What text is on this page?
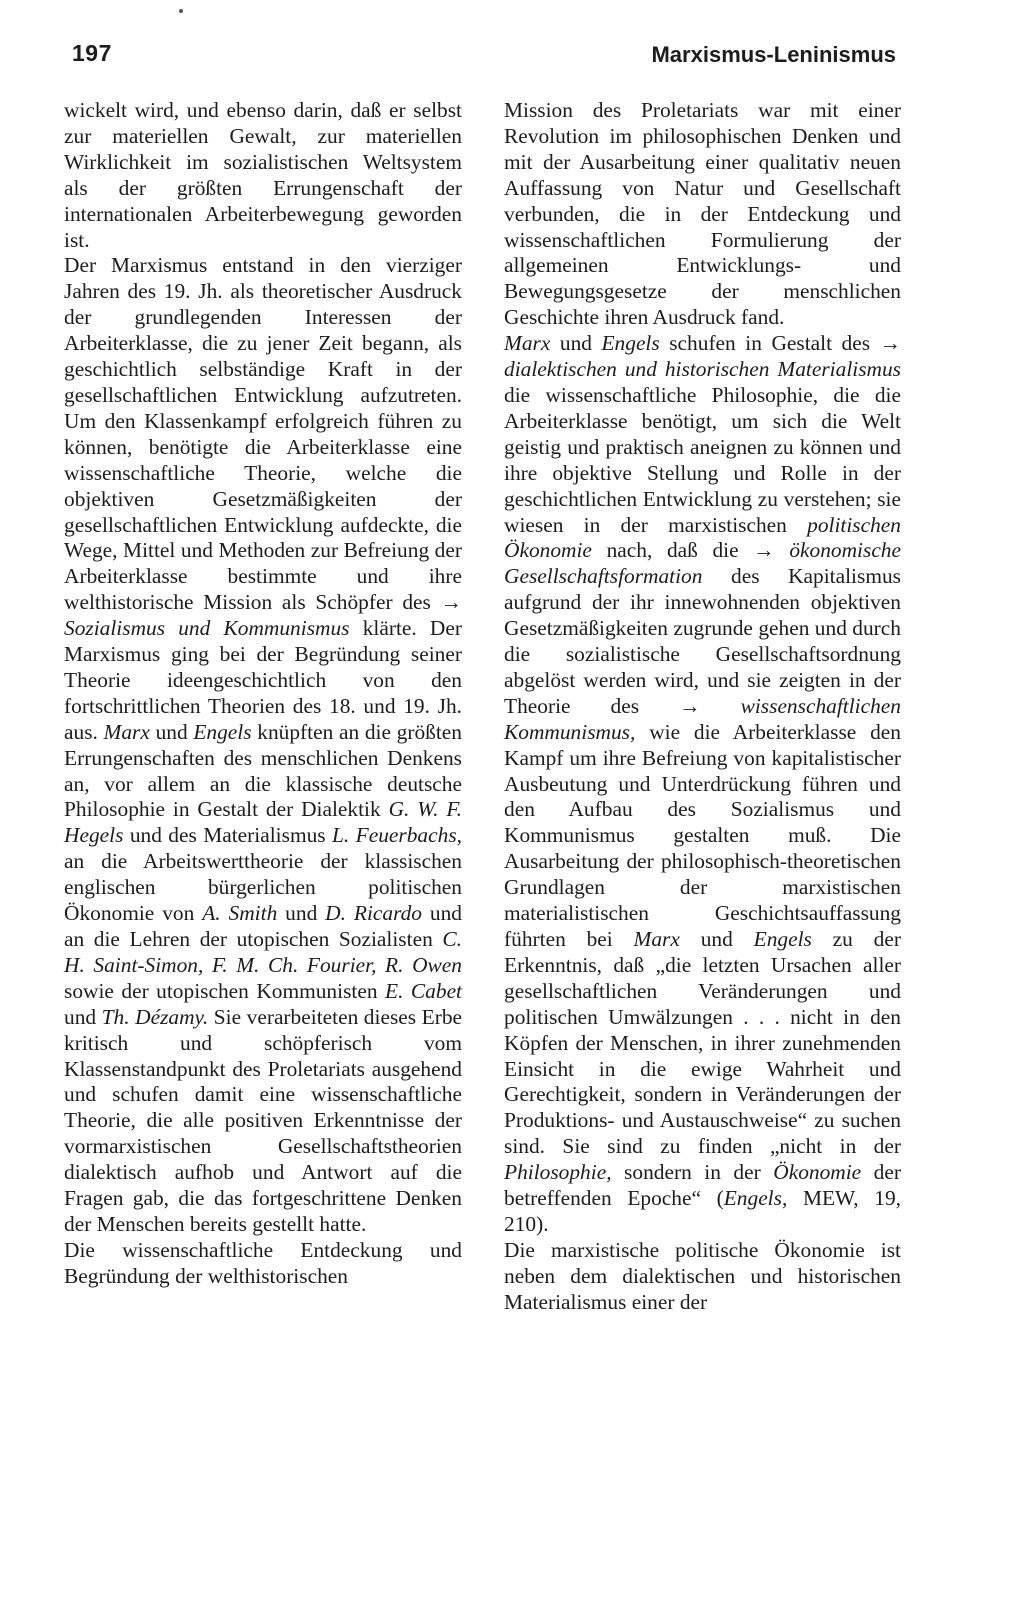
197	Marxismus-Leninismus

wickelt wird, und ebenso darin, daß er selbst zur materiellen Gewalt, zur materiellen Wirklichkeit im sozialistischen Weltsystem als der größten Errungenschaft der internationalen Arbeiterbewegung geworden ist.

Der Marxismus entstand in den vierziger Jahren des 19. Jh. als theoretischer Ausdruck der grundlegenden Interessen der Arbeiterklasse, die zu jener Zeit begann, als geschichtlich selbständige Kraft in der gesellschaftlichen Entwicklung aufzutreten. Um den Klassenkampf erfolgreich führen zu können, benötigte die Arbeiterklasse eine wissenschaftliche Theorie, welche die objektiven Gesetzmäßigkeiten der gesellschaftlichen Entwicklung aufdeckte, die Wege, Mittel und Methoden zur Befreiung der Arbeiterklasse bestimmte und ihre welthistorische Mission als Schöpfer des → Sozialismus und Kommunismus klärte. Der Marxismus ging bei der Begründung seiner Theorie ideengeschichtlich von den fortschrittlichen Theorien des 18. und 19. Jh. aus. Marx und Engels knüpften an die größten Errungenschaften des menschlichen Denkens an, vor allem an die klassische deutsche Philosophie in Gestalt der Dialektik G. W. F. Hegels und des Materialismus L. Feuerbachs, an die Arbeitswerttheorie der klassischen englischen bürgerlichen politischen Ökonomie von A. Smith und D. Ricardo und an die Lehren der utopischen Sozialisten C. H. Saint-Simon, F. M. Ch. Fourier, R. Owen sowie der utopischen Kommunisten E. Cabet und Th. Dézamy. Sie verarbeiteten dieses Erbe kritisch und schöpferisch vom Klassenstandpunkt des Proletariats ausgehend und schufen damit eine wissenschaftliche Theorie, die alle positiven Erkenntnisse der vormarxistischen Gesellschaftstheorien dialektisch aufhob und Antwort auf die Fragen gab, die das fortgeschrittene Denken der Menschen bereits gestellt hatte.

Die wissenschaftliche Entdeckung und Begründung der welthistorischen

Mission des Proletariats war mit einer Revolution im philosophischen Denken und mit der Ausarbeitung einer qualitativ neuen Auffassung von Natur und Gesellschaft verbunden, die in der Entdeckung und wissenschaftlichen Formulierung der allgemeinen Entwicklungs- und Bewegungsgesetze der menschlichen Geschichte ihren Ausdruck fand.

Marx und Engels schufen in Gestalt des → dialektischen und historischen Materialismus die wissenschaftliche Philosophie, die die Arbeiterklasse benötigt, um sich die Welt geistig und praktisch aneignen zu können und ihre objektive Stellung und Rolle in der geschichtlichen Entwicklung zu verstehen; sie wiesen in der marxistischen politischen Ökonomie nach, daß die → ökonomische Gesellschaftsformation des Kapitalismus aufgrund der ihr innewohnenden objektiven Gesetzmäßigkeiten zugrunde gehen und durch die sozialistische Gesellschaftsordnung abgelöst werden wird, und sie zeigten in der Theorie des → wissenschaftlichen Kommunismus, wie die Arbeiterklasse den Kampf um ihre Befreiung von kapitalistischer Ausbeutung und Unterdrückung führen und den Aufbau des Sozialismus und Kommunismus gestalten muß. Die Ausarbeitung der philosophisch-theoretischen Grundlagen der marxistischen materialistischen Geschichtsauffassung führten bei Marx und Engels zu der Erkenntnis, daß „die letzten Ursachen aller gesellschaftlichen Veränderungen und politischen Umwälzungen . . . nicht in den Köpfen der Menschen, in ihrer zunehmenden Einsicht in die ewige Wahrheit und Gerechtigkeit, sondern in Veränderungen der Produktions- und Austauschweise“ zu suchen sind. Sie sind zu finden „nicht in der Philosophie, sondern in der Ökonomie der betreffenden Epoche“ (Engels, MEW, 19, 210).

Die marxistische politische Ökonomie ist neben dem dialektischen und historischen Materialismus einer der
